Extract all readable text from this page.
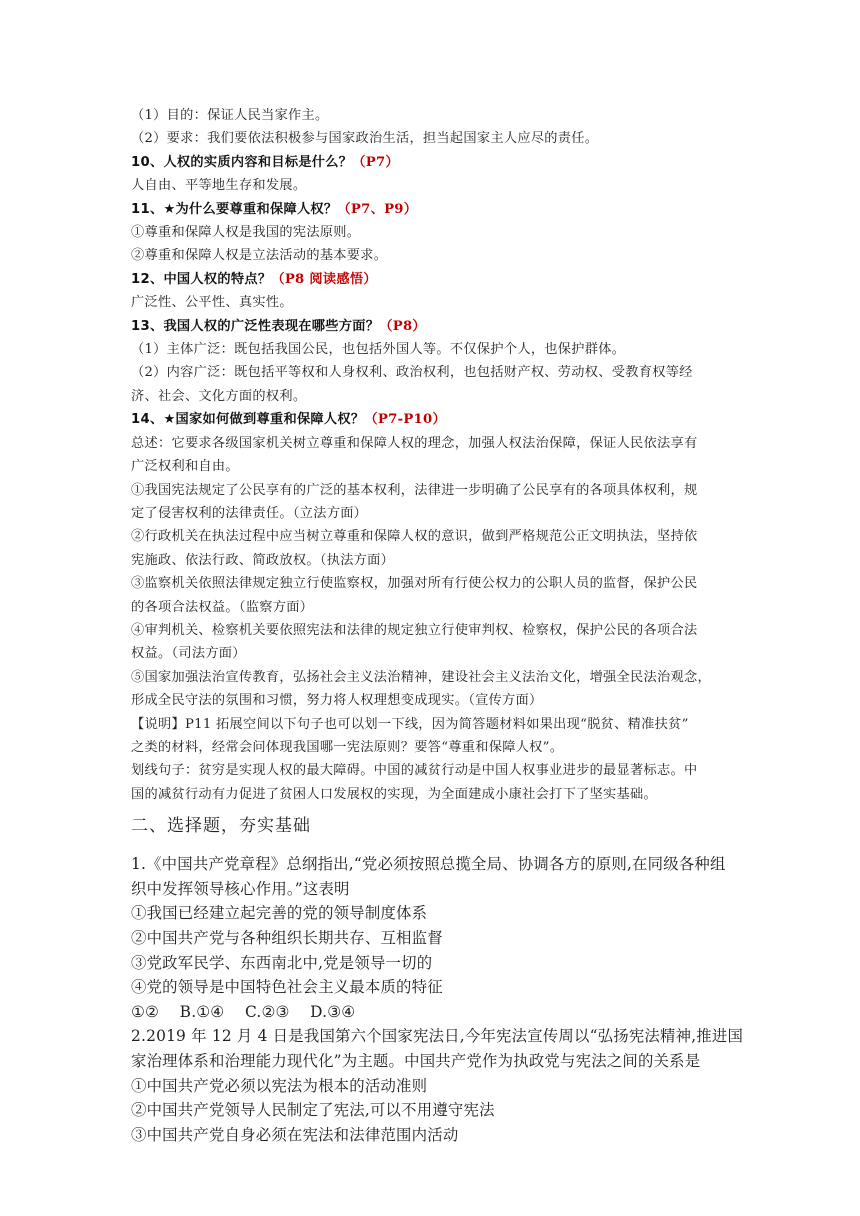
（1）目的：保证人民当家作主。
（2）要求：我们要依法积极参与国家政治生活，担当起国家主人应尽的责任。
10、人权的实质内容和目标是什么？（P7）
人自由、平等地生存和发展。
11、★为什么要尊重和保障人权？（P7、P9）
①尊重和保障人权是我国的宪法原则。
②尊重和保障人权是立法活动的基本要求。
12、中国人权的特点？（P8 阅读感悟）
广泛性、公平性、真实性。
13、我国人权的广泛性表现在哪些方面？（P8）
（1）主体广泛：既包括我国公民，也包括外国人等。不仅保护个人，也保护群体。
（2）内容广泛：既包括平等权和人身权利、政治权利，也包括财产权、劳动权、受教育权等经
济、社会、文化方面的权利。
14、★国家如何做到尊重和保障人权？（P7-P10）
总述：它要求各级国家机关树立尊重和保障人权的理念，加强人权法治保障，保证人民依法享有
广泛权利和自由。
①我国宪法规定了公民享有的广泛的基本权利，法律进一步明确了公民享有的各项具体权利，规
定了侵害权利的法律责任。（立法方面）
②行政机关在执法过程中应当树立尊重和保障人权的意识，做到严格规范公正文明执法，坚持依
宪施政、依法行政、简政放权。（执法方面）
③监察机关依照法律规定独立行使监察权，加强对所有行使公权力的公职人员的监督，保护公民
的各项合法权益。（监察方面）
④审判机关、检察机关要依照宪法和法律的规定独立行使审判权、检察权，保护公民的各项合法
权益。（司法方面）
⑤国家加强法治宣传教育，弘扬社会主义法治精神，建设社会主义法治文化，增强全民法治观念，
形成全民守法的氛围和习惯，努力将人权理想变成现实。（宣传方面）
【说明】P11 拓展空间以下句子也可以划一下线，因为简答题材料如果出现“脱贫、精准扶贫”
之类的材料，经常会问体现我国哪一宪法原则？要答“尊重和保障人权”。
划线句子：贫穷是实现人权的最大障碍。中国的减贫行动是中国人权事业进步的最显著标志。中
国的减贫行动有力促进了贫困人口发展权的实现，为全面建成小康社会打下了坚实基础。
二、选择题，夯实基础
1.《中国共产党章程》总纲指出,“党必须按照总揽全局、协调各方的原则,在同级各种组
织中发挥领导核心作用。”这表明
①我国已经建立起完善的党的领导制度体系
②中国共产党与各种组织长期共存、互相监督
③党政军民学、东西南北中,党是领导一切的
④党的领导是中国特色社会主义最本质的特征
①②　 B.①④　 C.②③　 D.③④
2.2019 年 12 月 4 日是我国第六个国家宪法日,今年宪法宣传周以“弘扬宪法精神,推进国
家治理体系和治理能力现代化”为主题。中国共产党作为执政党与宪法之间的关系是
①中国共产党必须以宪法为根本的活动准则
②中国共产党领导人民制定了宪法,可以不用遵守宪法
③中国共产党自身必须在宪法和法律范围内活动
